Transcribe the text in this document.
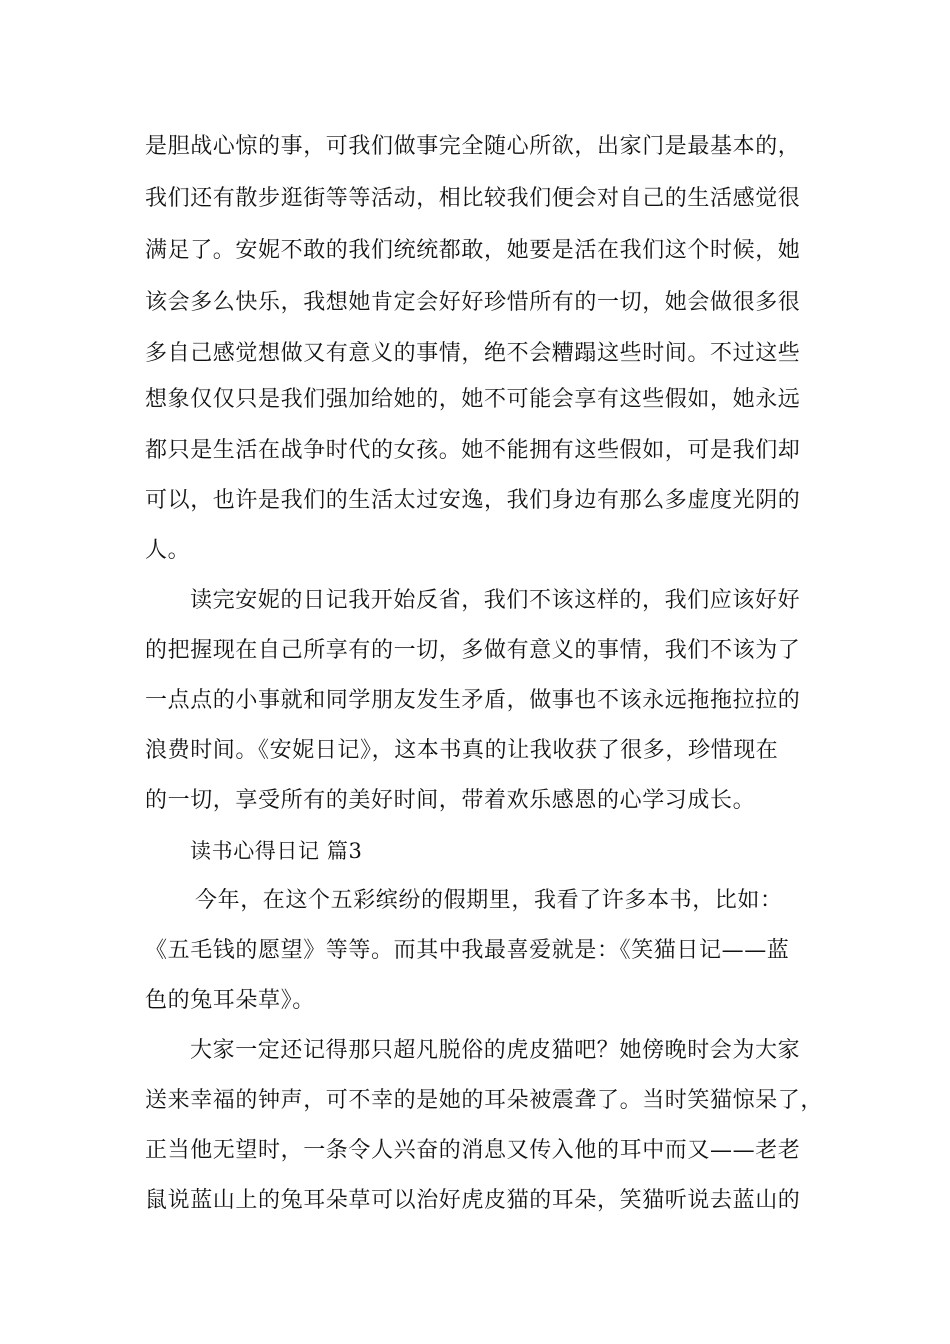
是胆战心惊的事，可我们做事完全随心所欲，出家门是最基本的，
我们还有散步逛街等等活动，相比较我们便会对自己的生活感觉很
满足了。安妮不敢的我们统统都敢，她要是活在我们这个时候，她
该会多么快乐，我想她肯定会好好珍惜所有的一切，她会做很多很
多自己感觉想做又有意义的事情，绝不会糟蹋这些时间。不过这些
想象仅仅只是我们强加给她的，她不可能会享有这些假如，她永远
都只是生活在战争时代的女孩。她不能拥有这些假如，可是我们却
可以，也许是我们的生活太过安逸，我们身边有那么多虚度光阴的
人。
读完安妮的日记我开始反省，我们不该这样的，我们应该好好
的把握现在自己所享有的一切，多做有意义的事情，我们不该为了
一点点的小事就和同学朋友发生矛盾，做事也不该永远拖拖拉拉的
浪费时间。《安妮日记》，这本书真的让我收获了很多，珍惜现在
的一切，享受所有的美好时间，带着欢乐感恩的心学习成长。
读书心得日记 篇3
今年，在这个五彩缤纷的假期里，我看了许多本书，比如：
《五毛钱的愿望》等等。而其中我最喜爱就是：《笑猫日记——蓝
色的兔耳朵草》。
大家一定还记得那只超凡脱俗的虎皮猫吧？她傍晚时会为大家
送来幸福的钟声，可不幸的是她的耳朵被震聋了。当时笑猫惊呆了，
正当他无望时，一条令人兴奋的消息又传入他的耳中而又——老老
鼠说蓝山上的兔耳朵草可以治好虎皮猫的耳朵，笑猫听说去蓝山的
